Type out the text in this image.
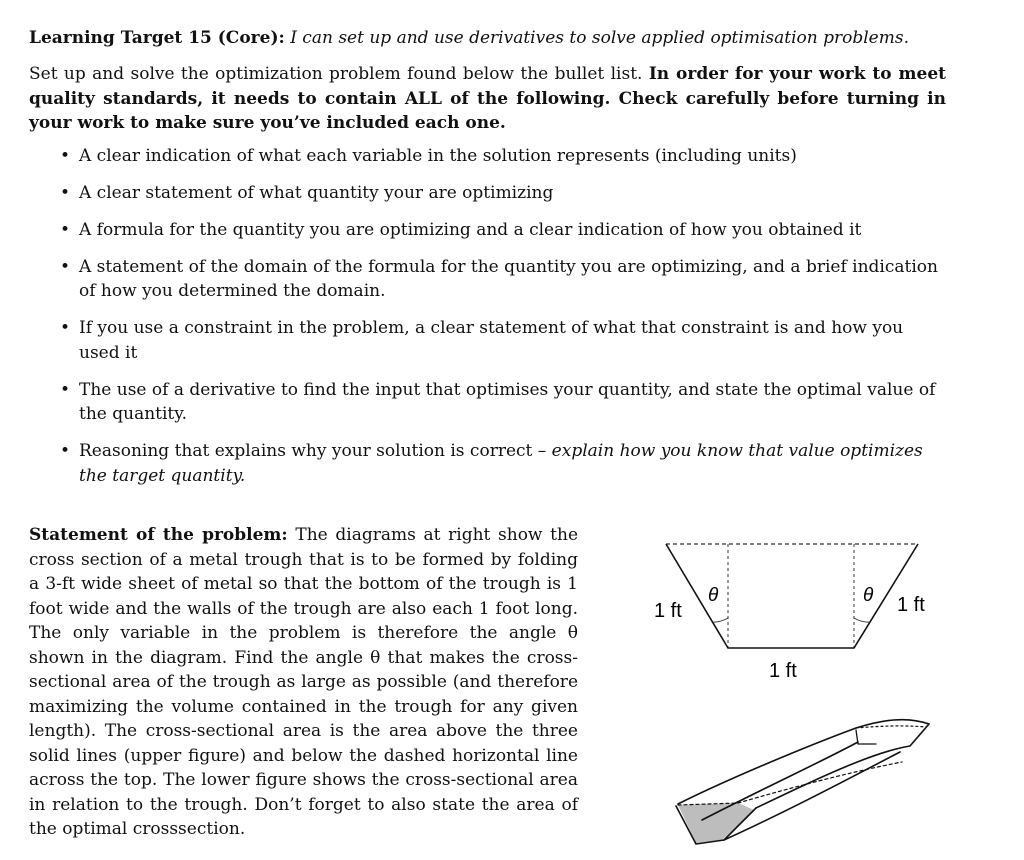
Learning Target 15 (Core): I can set up and use derivatives to solve applied optimisation problems.

Set up and solve the optimization problem found below the bullet list. In order for your work to meet quality standards, it needs to contain ALL of the following. Check carefully before turning in your work to make sure you’ve included each one.

• A clear indication of what each variable in the solution represents (including units)
• A clear statement of what quantity your are optimizing
• A formula for the quantity you are optimizing and a clear indication of how you obtained it
• A statement of the domain of the formula for the quantity you are optimizing, and a brief indication of how you determined the domain.
• If you use a constraint in the problem, a clear statement of what that constraint is and how you used it
• The use of a derivative to find the input that optimises your quantity, and state the optimal value of the quantity.
• Reasoning that explains why your solution is correct – explain how you know that value optimizes the target quantity.

Statement of the problem: The diagrams at right show the cross section of a metal trough that is to be formed by folding a 3-ft wide sheet of metal so that the bottom of the trough is 1 foot wide and the walls of the trough are also each 1 foot long. The only variable in the problem is therefore the angle θ shown in the diagram. Find the angle θ that makes the cross-sectional area of the trough as large as possible (and therefore maximizing the volume contained in the trough for any given length). The cross-sectional area is the area above the three solid lines (upper figure) and below the dashed horizontal line across the top. The lower figure shows the cross-sectional area in relation to the trough. Don’t forget to also state the area of the optimal crosssection.

θ	θ
1 ft	1 ft
1 ft
